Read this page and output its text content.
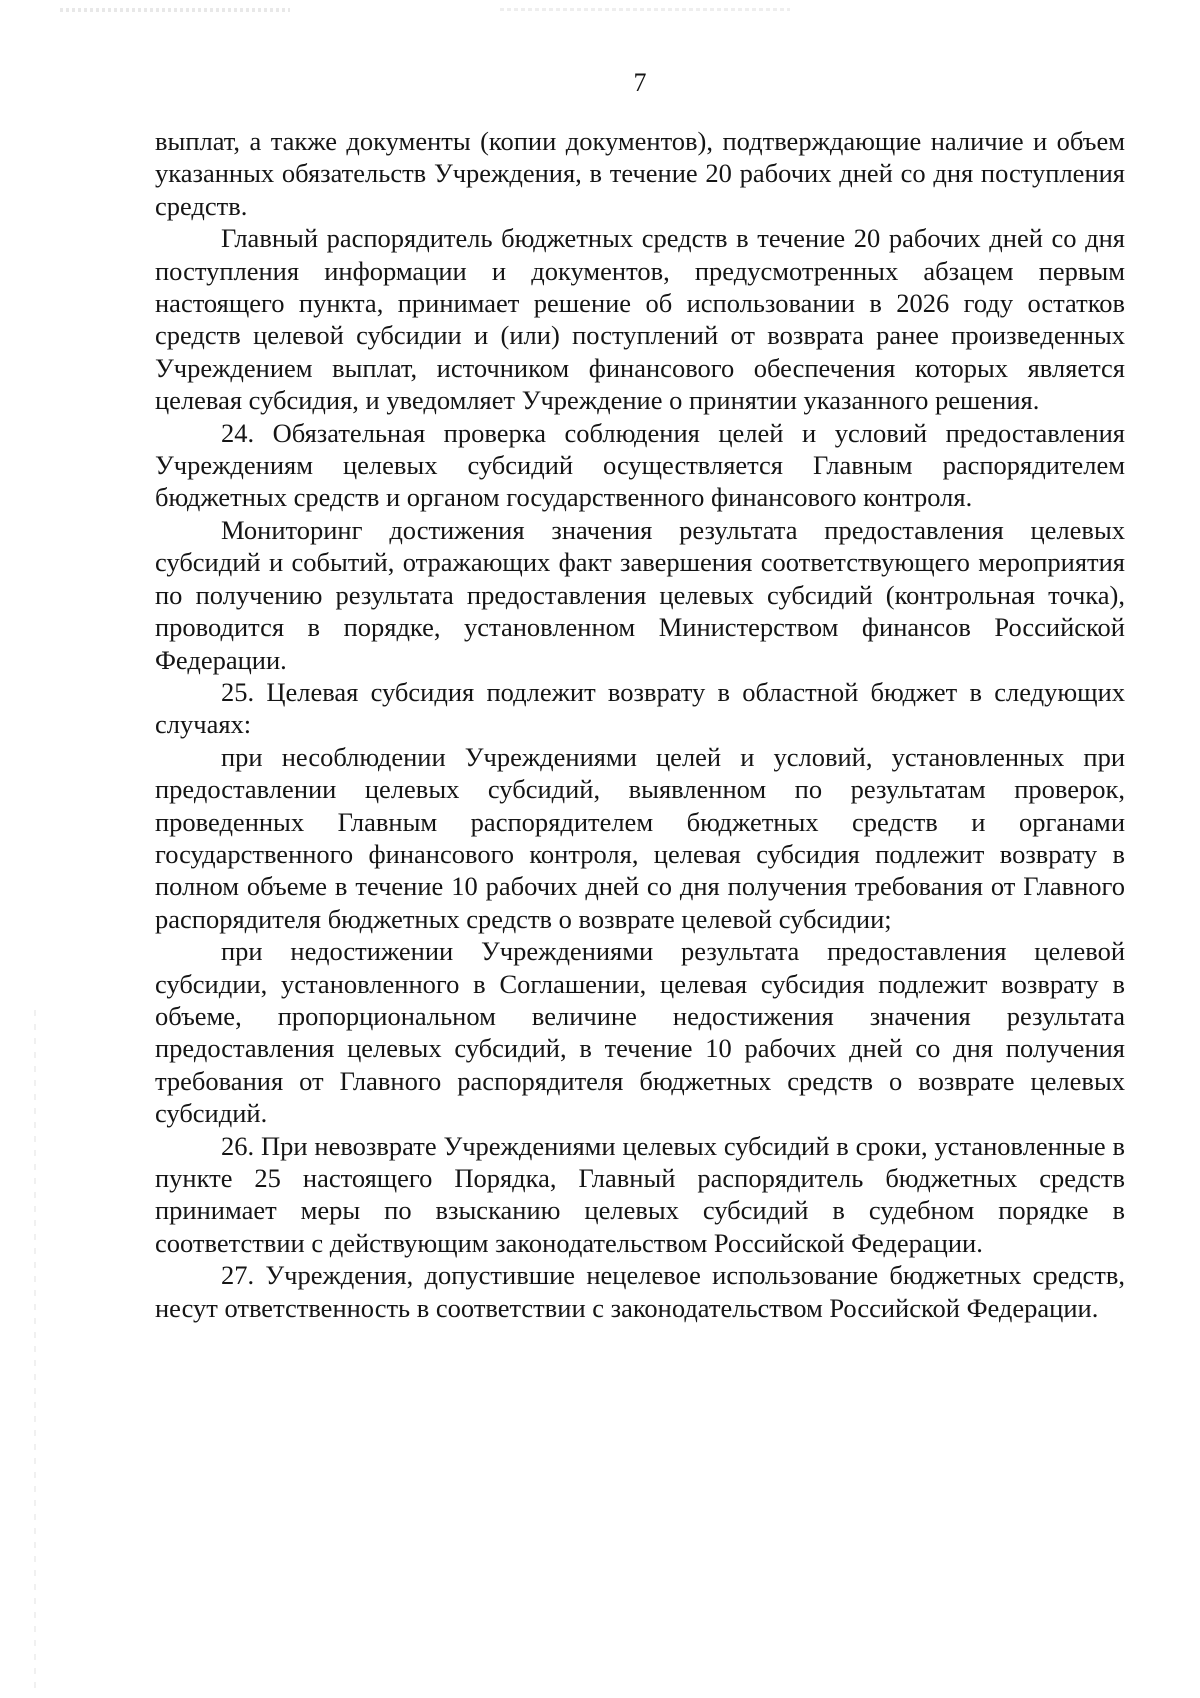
7

выплат, а также документы (копии документов), подтверждающие наличие и объем указанных обязательств Учреждения, в течение 20 рабочих дней со дня поступления средств.

Главный распорядитель бюджетных средств в течение 20 рабочих дней со дня поступления информации и документов, предусмотренных абзацем первым настоящего пункта, принимает решение об использовании в 2026 году остатков средств целевой субсидии и (или) поступлений от возврата ранее произведенных Учреждением выплат, источником финансового обеспечения которых является целевая субсидия, и уведомляет Учреждение о принятии указанного решения.

24. Обязательная проверка соблюдения целей и условий предоставления Учреждениям целевых субсидий осуществляется Главным распорядителем бюджетных средств и органом государственного финансового контроля.

Мониторинг достижения значения результата предоставления целевых субсидий и событий, отражающих факт завершения соответствующего мероприятия по получению результата предоставления целевых субсидий (контрольная точка), проводится в порядке, установленном Министерством финансов Российской Федерации.

25. Целевая субсидия подлежит возврату в областной бюджет в следующих случаях:

при несоблюдении Учреждениями целей и условий, установленных при предоставлении целевых субсидий, выявленном по результатам проверок, проведенных Главным распорядителем бюджетных средств и органами государственного финансового контроля, целевая субсидия подлежит возврату в полном объеме в течение 10 рабочих дней со дня получения требования от Главного распорядителя бюджетных средств о возврате целевой субсидии;

при недостижении Учреждениями результата предоставления целевой субсидии, установленного в Соглашении, целевая субсидия подлежит возврату в объеме, пропорциональном величине недостижения значения результата предоставления целевых субсидий, в течение 10 рабочих дней со дня получения требования от Главного распорядителя бюджетных средств о возврате целевых субсидий.

26. При невозврате Учреждениями целевых субсидий в сроки, установленные в пункте 25 настоящего Порядка, Главный распорядитель бюджетных средств принимает меры по взысканию целевых субсидий в судебном порядке в соответствии с действующим законодательством Российской Федерации.

27. Учреждения, допустившие нецелевое использование бюджетных средств, несут ответственность в соответствии с законодательством Российской Федерации.
